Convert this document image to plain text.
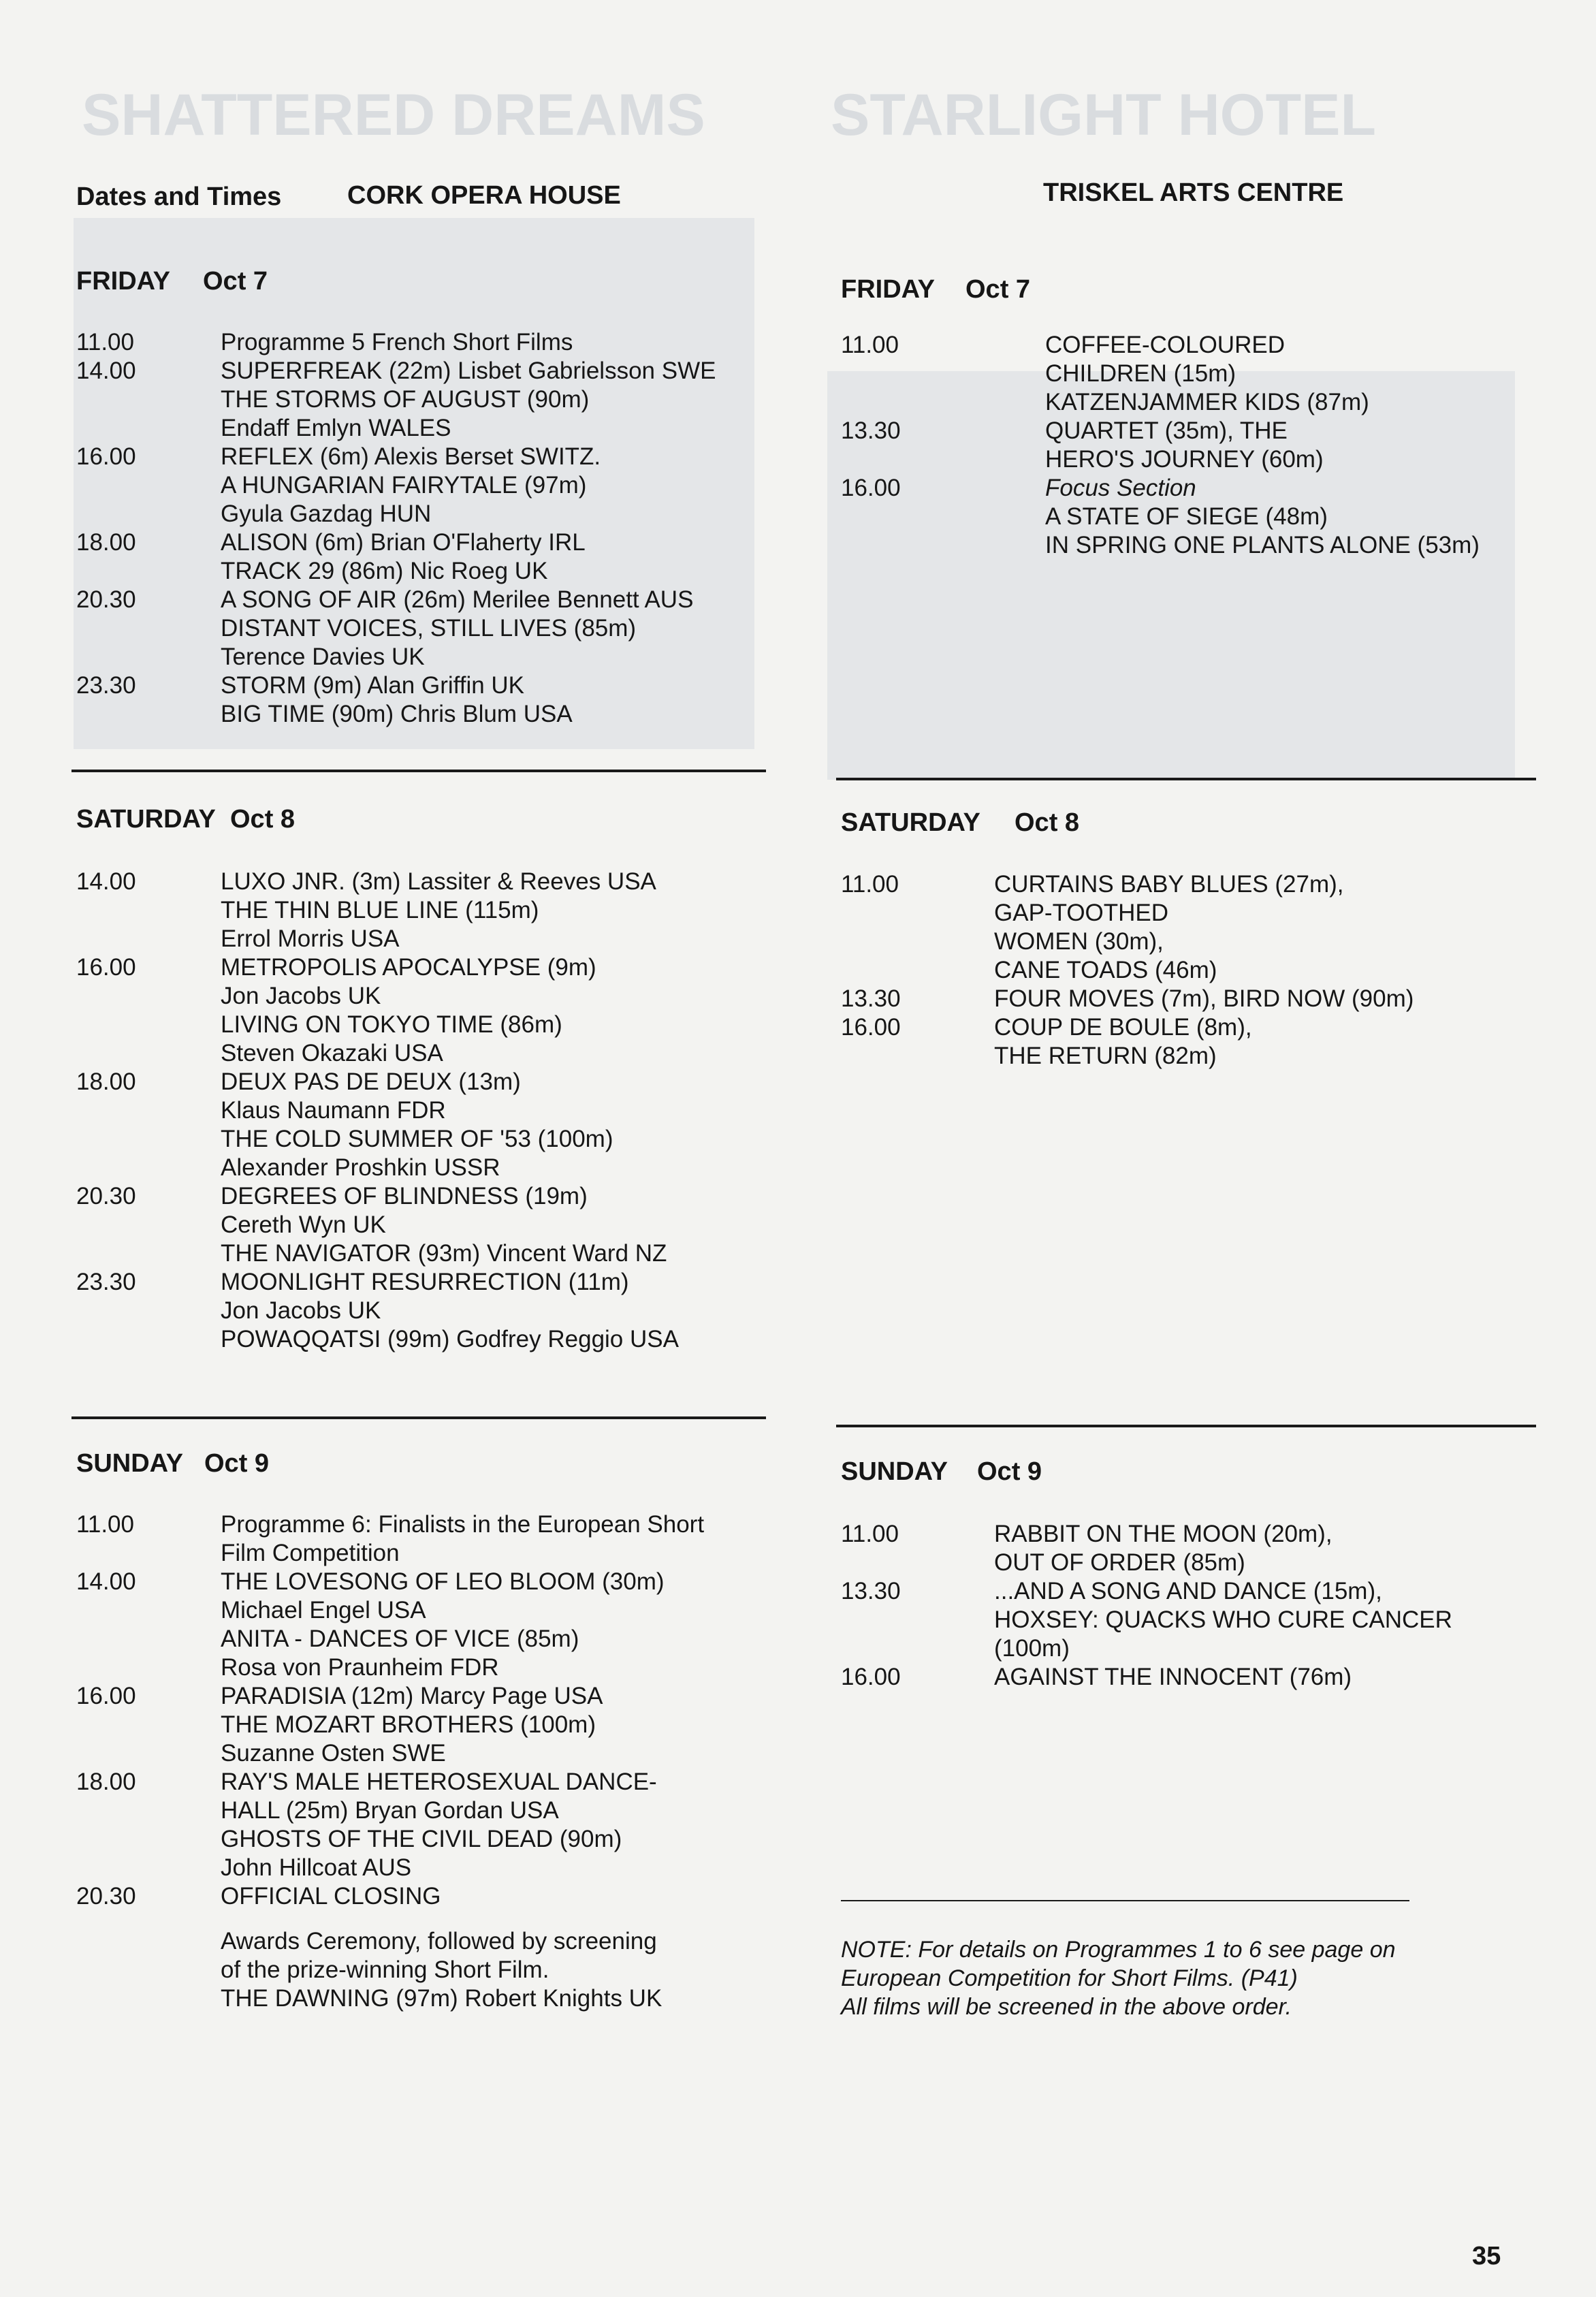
SHATTERED DREAMS STARLIGHT HOTEL
Dates and Times	CORK OPERA HOUSE
FRIDAY Oct 7
11.00	Programme 5 French Short Films
14.00	SUPERFREAK (22m) Lisbet Gabrielsson SWE
THE STORMS OF AUGUST (90m)
Endaff Emlyn WALES
16.00	REFLEX (6m) Alexis Berset SWITZ.
A HUNGARIAN FAIRYTALE (97m)
Gyula Gazdag HUN
18.00	ALISON (6m) Brian O'Flaherty IRL
TRACK 29 (86m) Nic Roeg UK
20.30	A SONG OF AIR (26m) Merilee Bennett AUS
DISTANT VOICES, STILL LIVES (85m)
Terence Davies UK
23.30	STORM (9m) Alan Griffin UK
BIG TIME (90m) Chris Blum USA
SATURDAY Oct 8
14.00	LUXO JNR. (3m) Lassiter & Reeves USA
THE THIN BLUE LINE (115m)
Errol Morris USA
16.00	METROPOLIS APOCALYPSE (9m)
Jon Jacobs UK
LIVING ON TOKYO TIME (86m)
Steven Okazaki USA
18.00	DEUX PAS DE DEUX (13m)
Klaus Naumann FDR
THE COLD SUMMER OF '53 (100m)
Alexander Proshkin USSR
20.30	DEGREES OF BLINDNESS (19m)
Cereth Wyn UK
THE NAVIGATOR (93m) Vincent Ward NZ
23.30	MOONLIGHT RESURRECTION (11m)
Jon Jacobs UK
POWAQQATSI (99m) Godfrey Reggio USA
SUNDAY Oct 9
11.00	Programme 6: Finalists in the European Short
Film Competition
14.00	THE LOVESONG OF LEO BLOOM (30m)
Michael Engel USA
ANITA - DANCES OF VICE (85m)
Rosa von Praunheim FDR
16.00	PARADISIA (12m) Marcy Page USA
THE MOZART BROTHERS (100m)
Suzanne Osten SWE
18.00	RAY'S MALE HETEROSEXUAL DANCE-
HALL (25m) Bryan Gordan USA
GHOSTS OF THE CIVIL DEAD (90m)
John Hillcoat AUS
20.30	OFFICIAL CLOSING
Awards Ceremony, followed by screening
of the prize-winning Short Film.
THE DAWNING (97m) Robert Knights UK
TRISKEL ARTS CENTRE
FRIDAY Oct 7
11.00	COFFEE-COLOURED
CHILDREN (15m)
KATZENJAMMER KIDS (87m)
13.30	QUARTET (35m), THE
HERO'S JOURNEY (60m)
16.00	Focus Section
A STATE OF SIEGE (48m)
IN SPRING ONE PLANTS ALONE (53m)
SATURDAY Oct 8
11.00	CURTAINS BABY BLUES (27m),
GAP-TOOTHED
WOMEN (30m),
CANE TOADS (46m)
13.30	FOUR MOVES (7m), BIRD NOW (90m)
16.00	COUP DE BOULE (8m),
THE RETURN (82m)
SUNDAY Oct 9
11.00	RABBIT ON THE MOON (20m),
OUT OF ORDER (85m)
13.30	...AND A SONG AND DANCE (15m),
HOXSEY: QUACKS WHO CURE CANCER
(100m)
16.00	AGAINST THE INNOCENT (76m)
NOTE: For details on Programmes 1 to 6 see page on
European Competition for Short Films. (P41)
All films will be screened in the above order.
35
